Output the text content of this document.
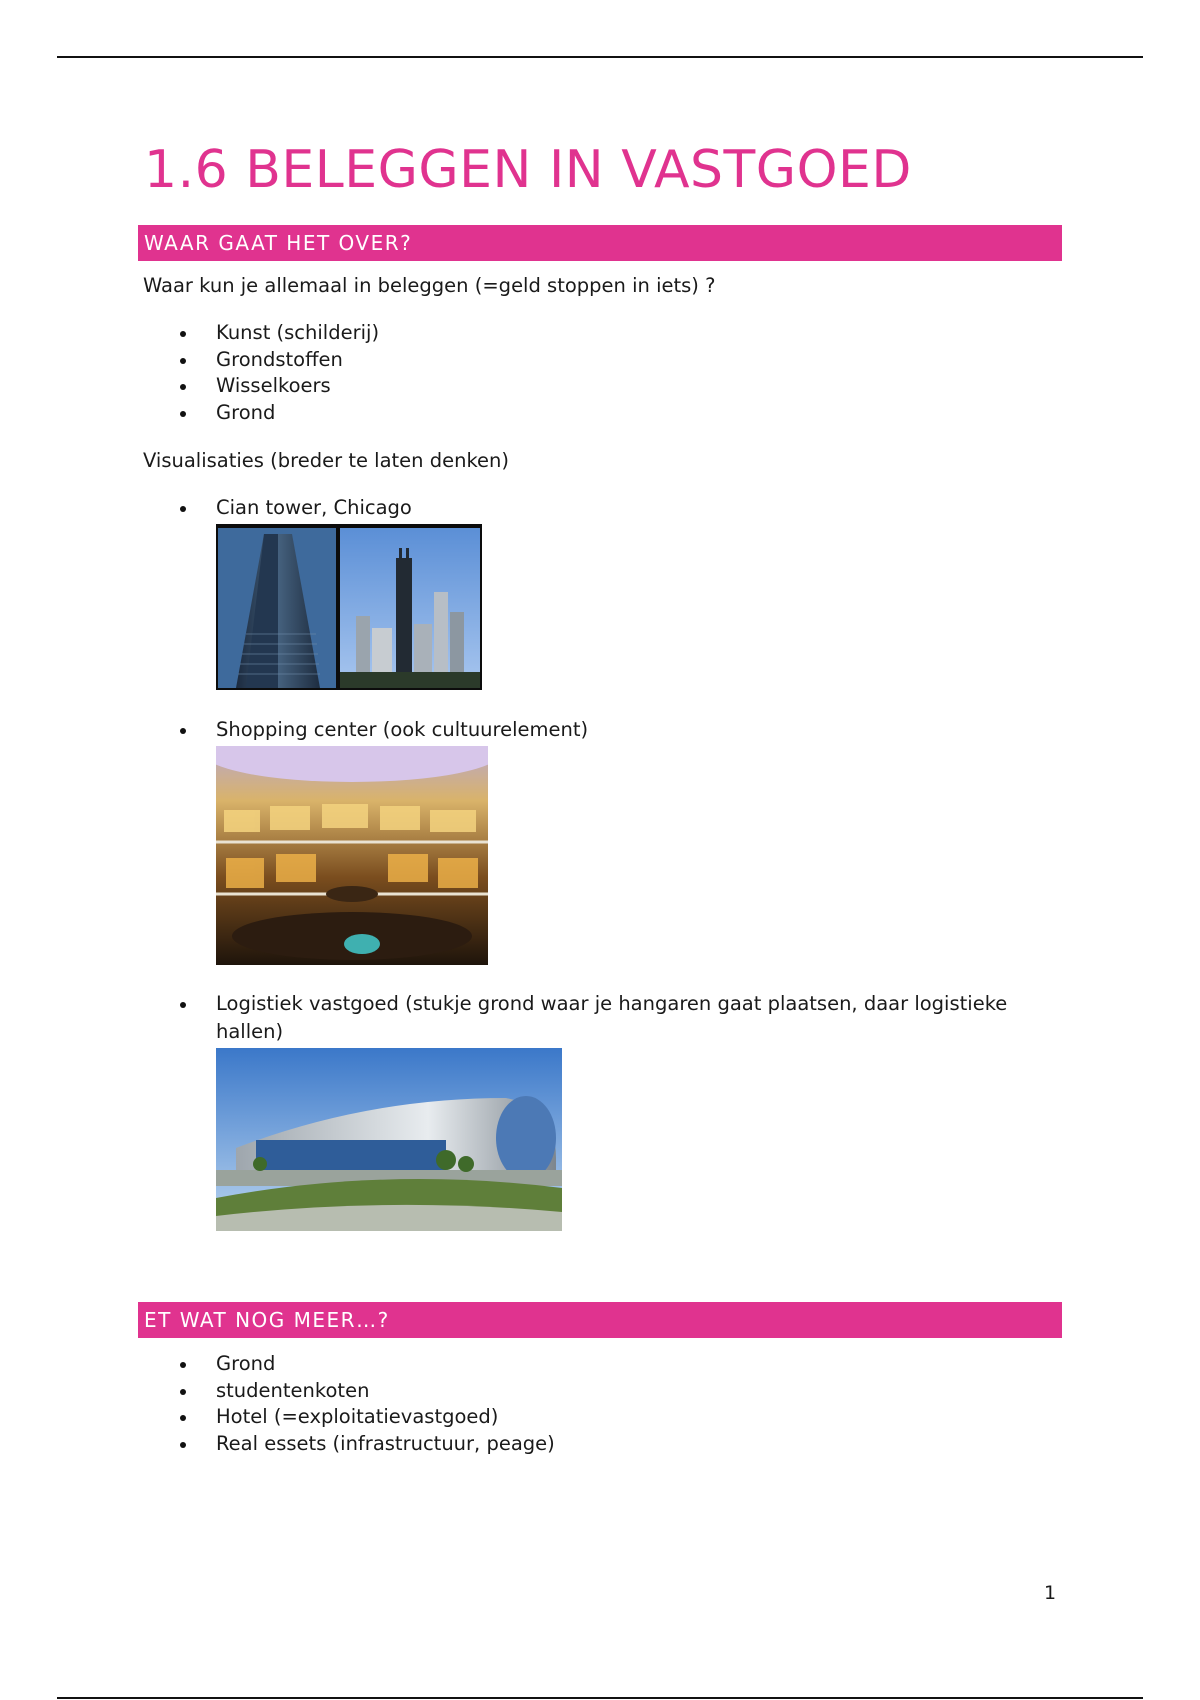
1.6 BELEGGEN IN VASTGOED
WAAR GAAT HET OVER?

Waar kun je allemaal in beleggen (=geld stoppen in iets) ?

Kunst (schilderij)
Grondstoffen
Wisselkoers
Grond

Visualisaties (breder te laten denken)

Cian tower, Chicago
Shopping center (ook cultuurelement)
Logistiek vastgoed (stukje grond waar je hangaren gaat plaatsen, daar logistieke hallen)
ET WAT NOG MEER…?
Grond
studentenkoten
Hotel (=exploitatievastgoed)
Real essets (infrastructuur, peage)
1
